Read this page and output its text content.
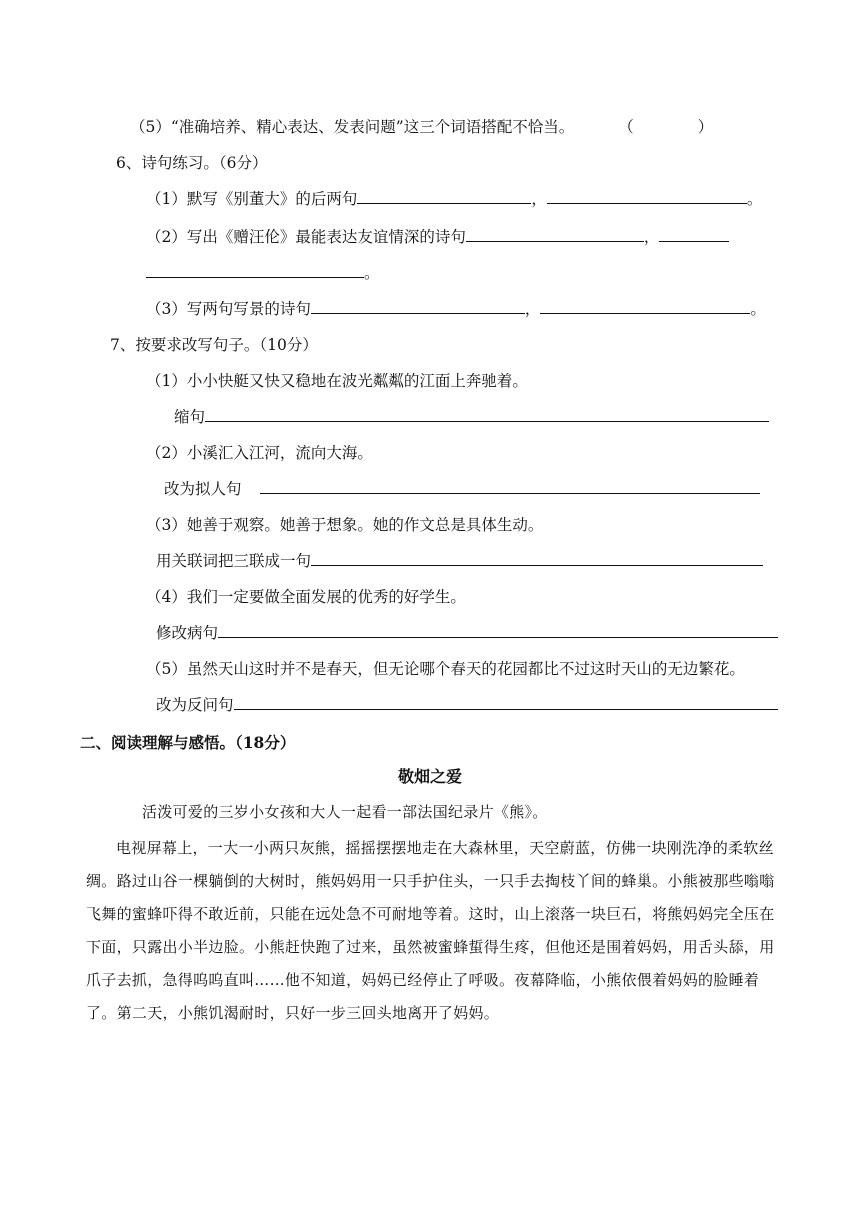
（5）“准确培养、精心表达、发表问题”这三个词语搭配不恰当。	（	）
6、诗句练习。（6分）
（1）默写《别董大》的后两句	，	。
（2）写出《赠汪伦》最能表达友谊情深的诗句	，
。
（3）写两句写景的诗句	，	。
7、按要求改写句子。（10分）
（1）小小快艇又快又稳地在波光粼粼的江面上奔驰着。
缩句
（2）小溪汇入江河，流向大海。
改为拟人句
（3）她善于观察。她善于想象。她的作文总是具体生动。
用关联词把三联成一句
（4）我们一定要做全面发展的优秀的好学生。
修改病句
（5）虽然天山这时并不是春天，但无论哪个春天的花园都比不过这时天山的无边繁花。
改为反问句
二、阅读理解与感悟。（18分）
敬畑之爱
活泼可爱的三岁小女孩和大人一起看一部法国纪录片《熊》。
电视屏幕上，一大一小两只灰熊，摇摇摆摆地走在大森林里，天空蔚蓝，仿佛一块刚洗净的柔软丝绸。路过山谷一棵躺倒的大树时，熊妈妈用一只手护住头，一只手去掏枝丫间的蜂巢。小熊被那些嗡嗡飞舞的蜜蜂吓得不敢近前，只能在远处急不可耐地等着。这时，山上滚落一块巨石，将熊妈妈完全压在下面，只露出小半边脸。小熊赶快跑了过来，虽然被蜜蜂蜇得生疼，但他还是围着妈妈，用舌头舔，用爪子去抓，急得呜呜直叫……他不知道，妈妈已经停止了呼吸。夜幕降临，小熊依偎着妈妈的脸睡着了。第二天，小熊饥渴耐时，只好一步三回头地离开了妈妈。
